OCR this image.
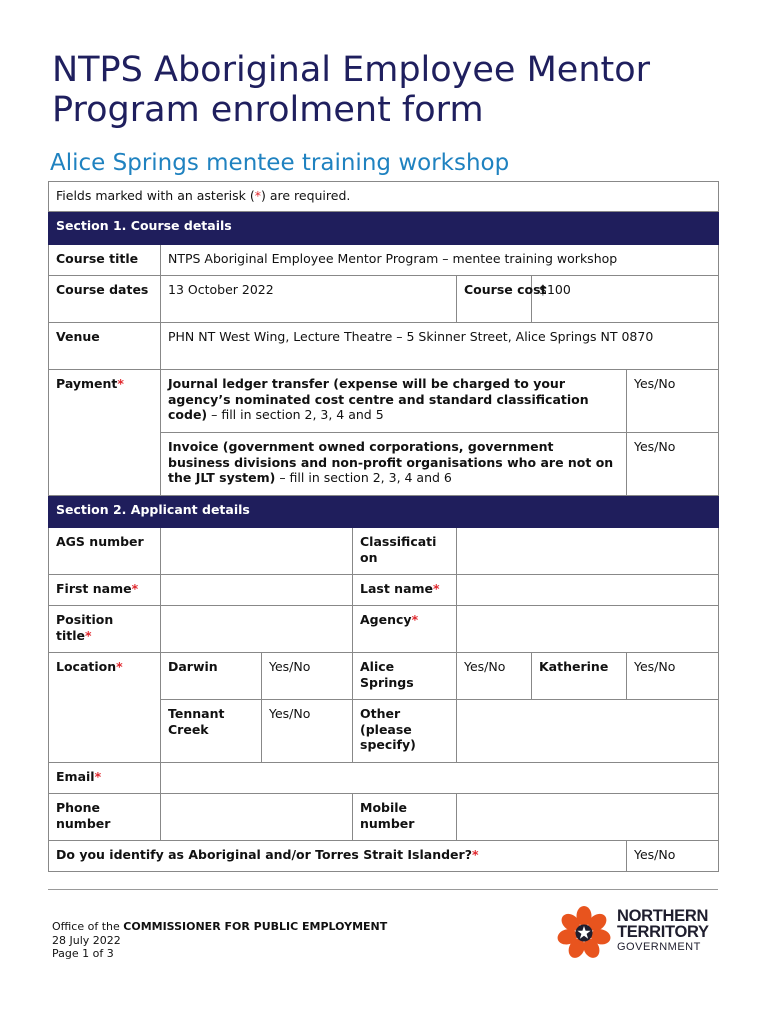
NTPS Aboriginal Employee Mentor Program enrolment form
Alice Springs mentee training workshop
Fields marked with an asterisk (*) are required.						
Section 1. Course details						
Course title	NTPS Aboriginal Employee Mentor Program – mentee training workshop					
Course dates	13 October 2022			Course cost	$100	
Venue	PHN NT West Wing, Lecture Theatre – 5 Skinner Street, Alice Springs NT 0870					
Payment*	Journal ledger transfer (expense will be charged to your agency’s nominated cost centre and standard classification code) – fill in section 2, 3, 4 and 5					Yes/No
	Invoice (government owned corporations, government business divisions and non-profit organisations who are not on the JLT system) – fill in section 2, 3, 4 and 6					Yes/No
Section 2. Applicant details						
AGS number			Classificati on			
First name*			Last name*			
Position title*			Agency*			
Location*	Darwin	Yes/No	Alice Springs	Yes/No	Katherine	Yes/No
	Tennant Creek	Yes/No	Other (please specify)			
Email*						
Phone number			Mobile number			
Do you identify as Aboriginal and/or Torres Strait Islander?*						Yes/No
Office of the COMMISSIONER FOR PUBLIC EMPLOYMENT
28 July 2022
Page 1 of 3
NORTHERN
TERRITORY
GOVERNMENT
